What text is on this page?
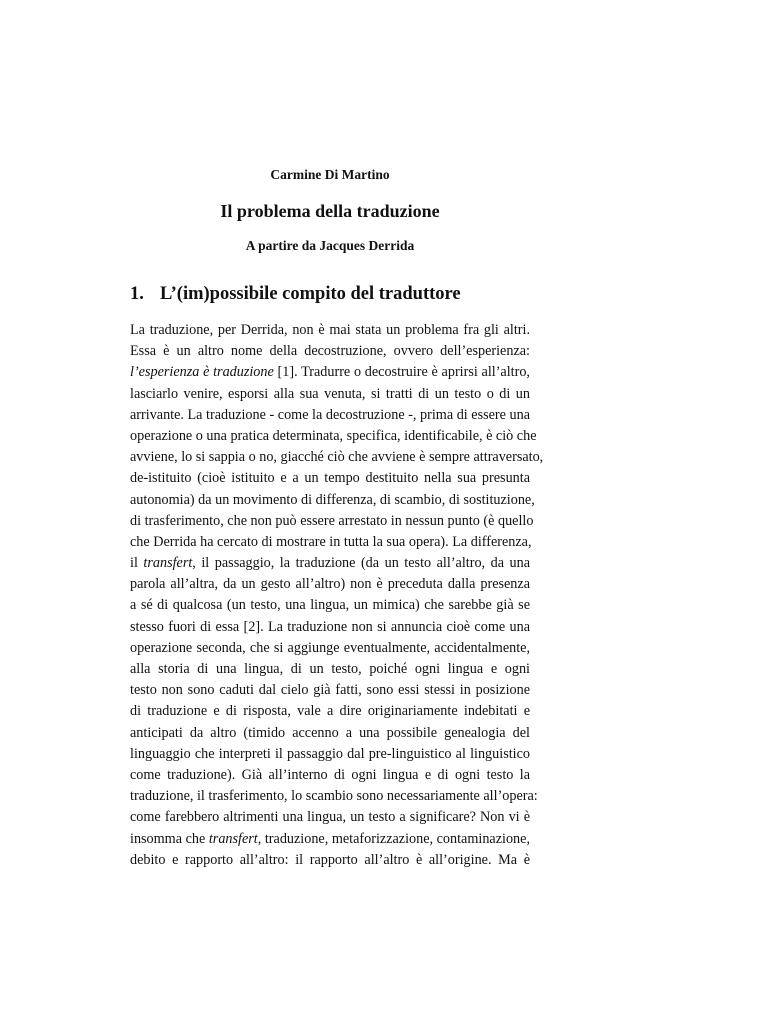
Carmine Di Martino
Il problema della traduzione
A partire da Jacques Derrida
1. L’(im)possibile compito del traduttore
La traduzione, per Derrida, non è mai stata un problema fra gli altri.
Essa è un altro nome della decostruzione, ovvero dell’esperienza:
l’esperienza è traduzione [1]. Tradurre o decostruire è aprirsi all’altro,
lasciarlo venire, esporsi alla sua venuta, si tratti di un testo o di un
arrivante. La traduzione - come la decostruzione -, prima di essere una
operazione o una pratica determinata, specifica, identificabile, è ciò che
avviene, lo si sappia o no, giacché ciò che avviene è sempre attraversato,
de-istituito (cioè istituito e a un tempo destituito nella sua presunta
autonomia) da un movimento di differenza, di scambio, di sostituzione,
di trasferimento, che non può essere arrestato in nessun punto (è quello
che Derrida ha cercato di mostrare in tutta la sua opera). La differenza,
il transfert, il passaggio, la traduzione (da un testo all’altro, da una
parola all’altra, da un gesto all’altro) non è preceduta dalla presenza
a sé di qualcosa (un testo, una lingua, un mimica) che sarebbe già se
stesso fuori di essa [2]. La traduzione non si annuncia cioè come una
operazione seconda, che si aggiunge eventualmente, accidentalmente,
alla storia di una lingua, di un testo, poiché ogni lingua e ogni
testo non sono caduti dal cielo già fatti, sono essi stessi in posizione
di traduzione e di risposta, vale a dire originariamente indebitati e
anticipati da altro (timido accenno a una possibile genealogia del
linguaggio che interpreti il passaggio dal pre-linguistico al linguistico
come traduzione). Già all’interno di ogni lingua e di ogni testo la
traduzione, il trasferimento, lo scambio sono necessariamente all’opera:
come farebbero altrimenti una lingua, un testo a significare? Non vi è
insomma che transfert, traduzione, metaforizzazione, contaminazione,
debito e rapporto all’altro: il rapporto all’altro è all’origine. Ma è
